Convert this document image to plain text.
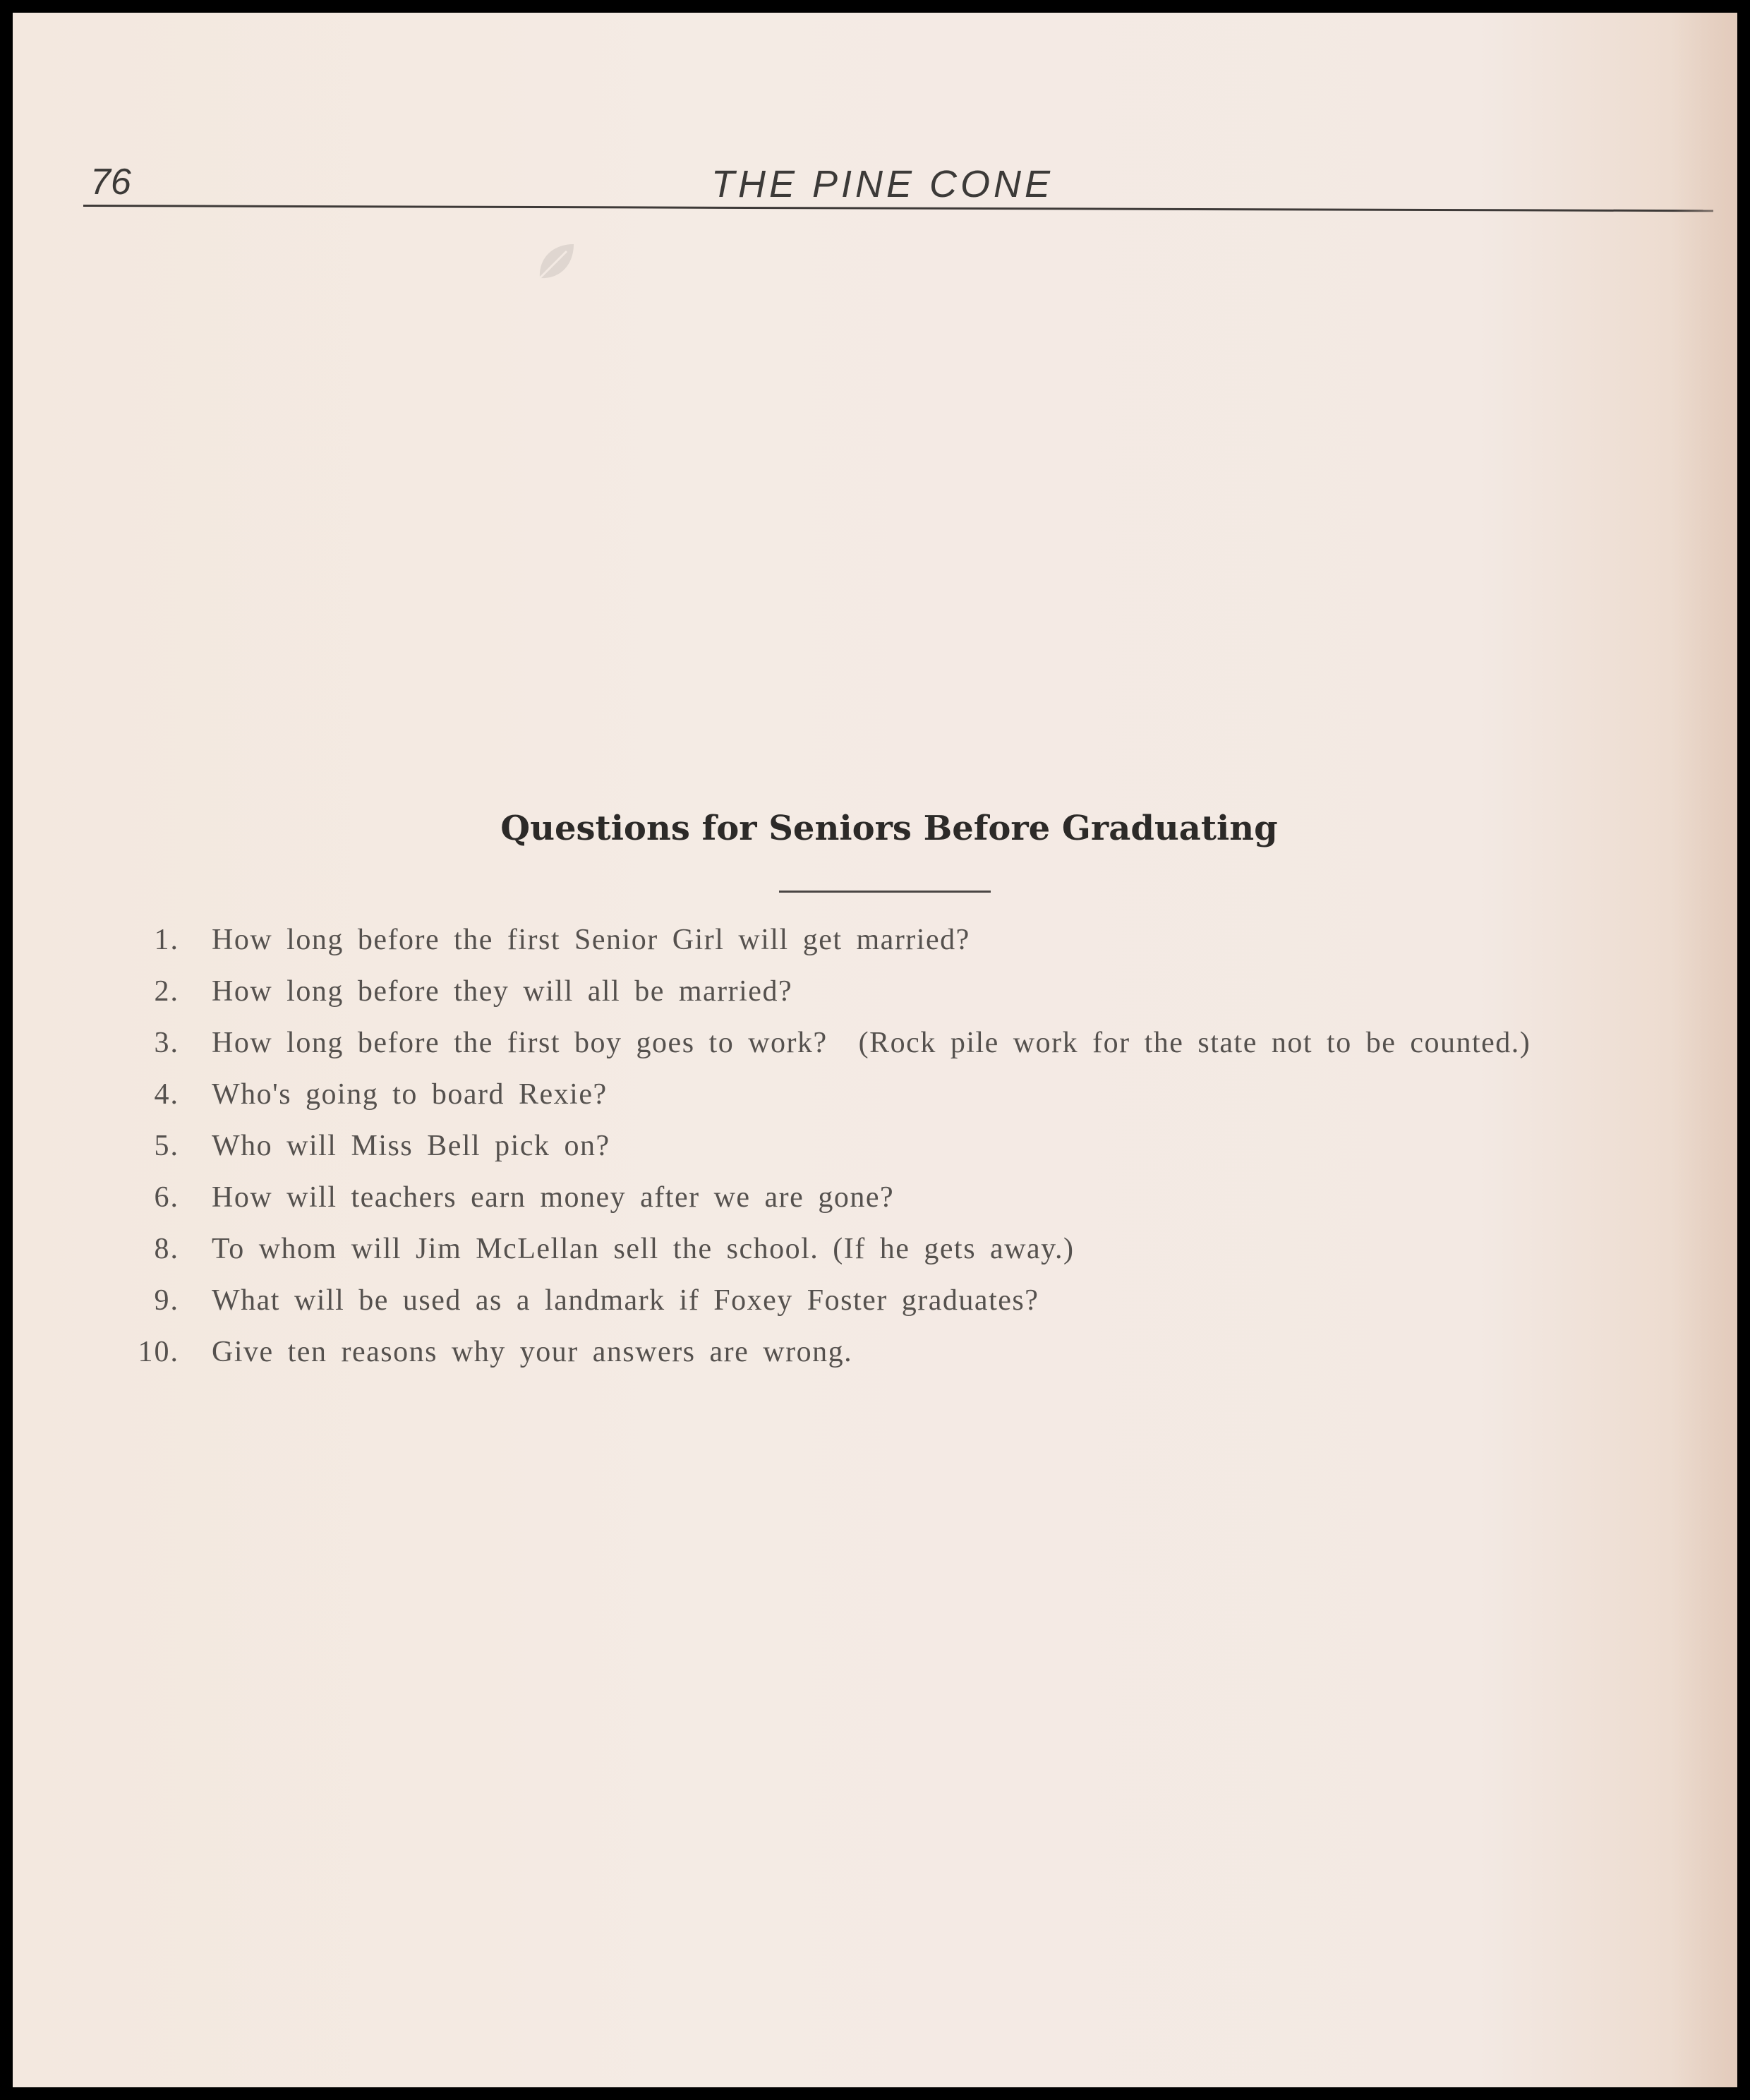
76	THE PINE CONE
Questions for Seniors Before Graduating
1. How long before the first Senior Girl will get married?
2. How long before they will all be married?
3. How long before the first boy goes to work? (Rock pile work for the state not to be counted.)
4. Who's going to board Rexie?
5. Who will Miss Bell pick on?
6. How will teachers earn money after we are gone?
8. To whom will Jim McLellan sell the school. (If he gets away.)
9. What will be used as a landmark if Foxey Foster graduates?
10. Give ten reasons why your answers are wrong.
